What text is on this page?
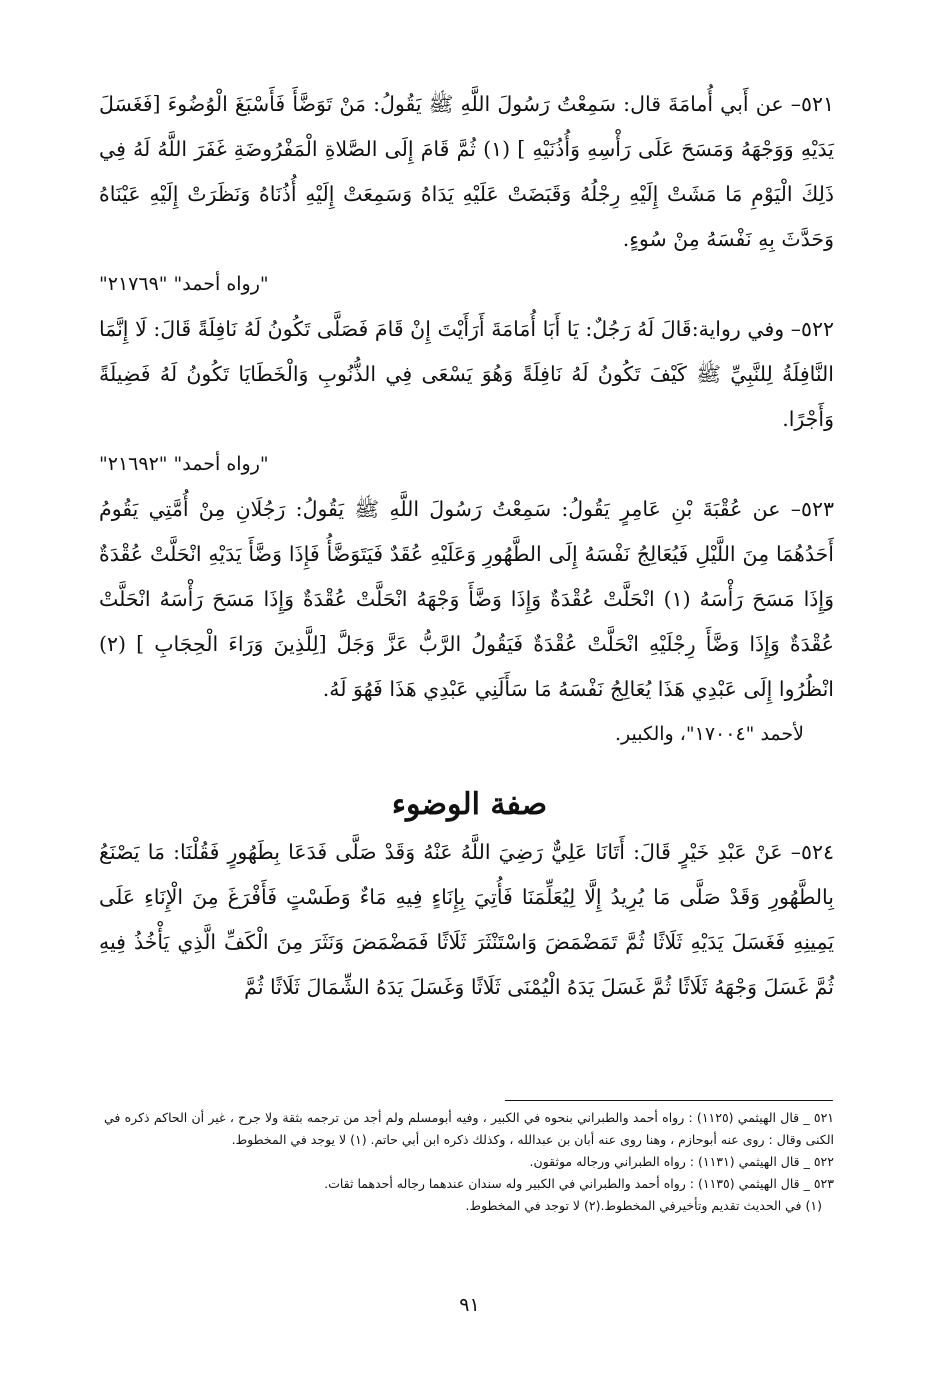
٥٢١– عن أَبي أُمامَةَ قال: سَمِعْتُ رَسُولَ اللَّهِ ﷺ يَقُولُ: مَنْ تَوَضَّأَ فَأَسْبَغَ الْوُضُوءَ [فَغَسَلَ يَدَيْهِ وَوَجْهَهُ وَمَسَحَ عَلَى رَأْسِهِ وَأُذُنَيْهِ ] (١) ثُمَّ قَامَ إِلَى الصَّلاةِ الْمَفْرُوضَةِ غَفَرَ اللَّهُ لَهُ فِي ذَلِكَ الْيَوْمِ مَا مَشَتْ إِلَيْهِ رِجْلُهُ وَقَبَضَتْ عَلَيْهِ يَدَاهُ وَسَمِعَتْ إِلَيْهِ أُذُنَاهُ وَنَظَرَتْ إِلَيْهِ عَيْنَاهُ وَحَدَّثَ بِهِ نَفْسَهُ مِنْ سُوءٍ.

"رواه أحمد" "٢١٧٦٩"

٥٢٢– وفي رواية:قَالَ لَهُ رَجُلٌ: يَا أَبَا أُمَامَةَ أَرَأَيْتَ إِنْ قَامَ فَصَلَّى تَكُونُ لَهُ نَافِلَةً قَالَ: لَا إِنَّمَا النَّافِلَةُ لِلنَّبِيِّ ﷺ كَيْفَ تَكُونُ لَهُ نَافِلَةً وَهُوَ يَسْعَى فِي الذُّنُوبِ وَالْخَطَايَا تَكُونُ لَهُ فَضِيلَةً وَأَجْرًا.

"رواه أحمد" "٢١٦٩٢"

٥٢٣– عن عُقْبَةَ بْنِ عَامِرٍ يَقُولُ: سَمِعْتُ رَسُولَ اللَّهِ ﷺ يَقُولُ: رَجُلَانِ مِنْ أُمَّتِي يَقُومُ أَحَدُهُمَا مِنَ اللَّيْلِ فَيُعَالِجُ نَفْسَهُ إِلَى الطَّهُورِ وَعَلَيْهِ عُقَدٌ فَيَتَوَضَّأُ فَإِذَا وَضَّأَ يَدَيْهِ انْحَلَّتْ عُقْدَةٌ وَإِذَا مَسَحَ رَأْسَهُ (١) انْحَلَّتْ عُقْدَةٌ وَإِذَا وَضَّأَ وَجْهَهُ انْحَلَّتْ عُقْدَةٌ وَإِذَا مَسَحَ رَأْسَهُ انْحَلَّتْ عُقْدَةٌ وَإِذَا وَضَّأَ رِجْلَيْهِ انْحَلَّتْ عُقْدَةٌ فَيَقُولُ الرَّبُّ عَزَّ وَجَلَّ [لِلَّذِينَ وَرَاءَ الْحِجَابِ ] (٢) انْظُرُوا إِلَى عَبْدِي هَذَا يُعَالِجُ نَفْسَهُ مَا سَأَلَنِي عَبْدِي هَذَا فَهُوَ لَهُ.

لأحمد "١٧٠٠٤"، والكبير.
صفة الوضوء

٥٢٤– عَنْ عَبْدِ خَيْرٍ قَالَ: أَتَانَا عَلِيٌّ رَضِيَ اللَّهُ عَنْهُ وَقَدْ صَلَّى فَدَعَا بِطَهُورٍ فَقُلْنَا: مَا يَصْنَعُ بِالطَّهُورِ وَقَدْ صَلَّى مَا يُرِيدُ إِلَّا لِيُعَلِّمَنَا فَأُتِيَ بِإِنَاءٍ فِيهِ مَاءٌ وَطَسْتٍ فَأَفْرَغَ مِنَ الْإِنَاءِ عَلَى يَمِينِهِ فَغَسَلَ يَدَيْهِ ثَلَاثًا ثُمَّ تَمَضْمَضَ وَاسْتَنْثَرَ ثَلَاثًا فَمَضْمَضَ وَنَثَرَ مِنَ الْكَفِّ الَّذِي يَأْخُذُ فِيهِ ثُمَّ غَسَلَ وَجْهَهُ ثَلَاثًا ثُمَّ غَسَلَ يَدَهُ الْيُمْنَى ثَلَاثًا وَغَسَلَ يَدَهُ الشِّمَالَ ثَلَاثًا ثُمَّ

٥٢١ _ قال الهيثمي (١١٢٥) : رواه أحمد والطبراني بنحوه في الكبير ، وفيه أبومسلم ولم أجد من ترجمه بثقة ولا جرح ، غير أن الحاكم ذكره في الكنى وقال : روى عنه أبوحازم ، وهنا روى عنه أبان بن عبدالله ، وكذلك ذكره ابن أبي حاتم. (١) لا يوجد في المخطوط.

٥٢٢ _ قال الهيثمي (١١٣١) : رواه الطبراني ورجاله موثقون.

٥٢٣ _ قال الهيثمي (١١٣٥) : رواه أحمد والطبراني في الكبير وله سندان عندهما رجاله أحدهما ثقات.

(١) في الحديث تقديم وتأخيرفي المخطوط.(٢) لا توجد في المخطوط.

٩١
